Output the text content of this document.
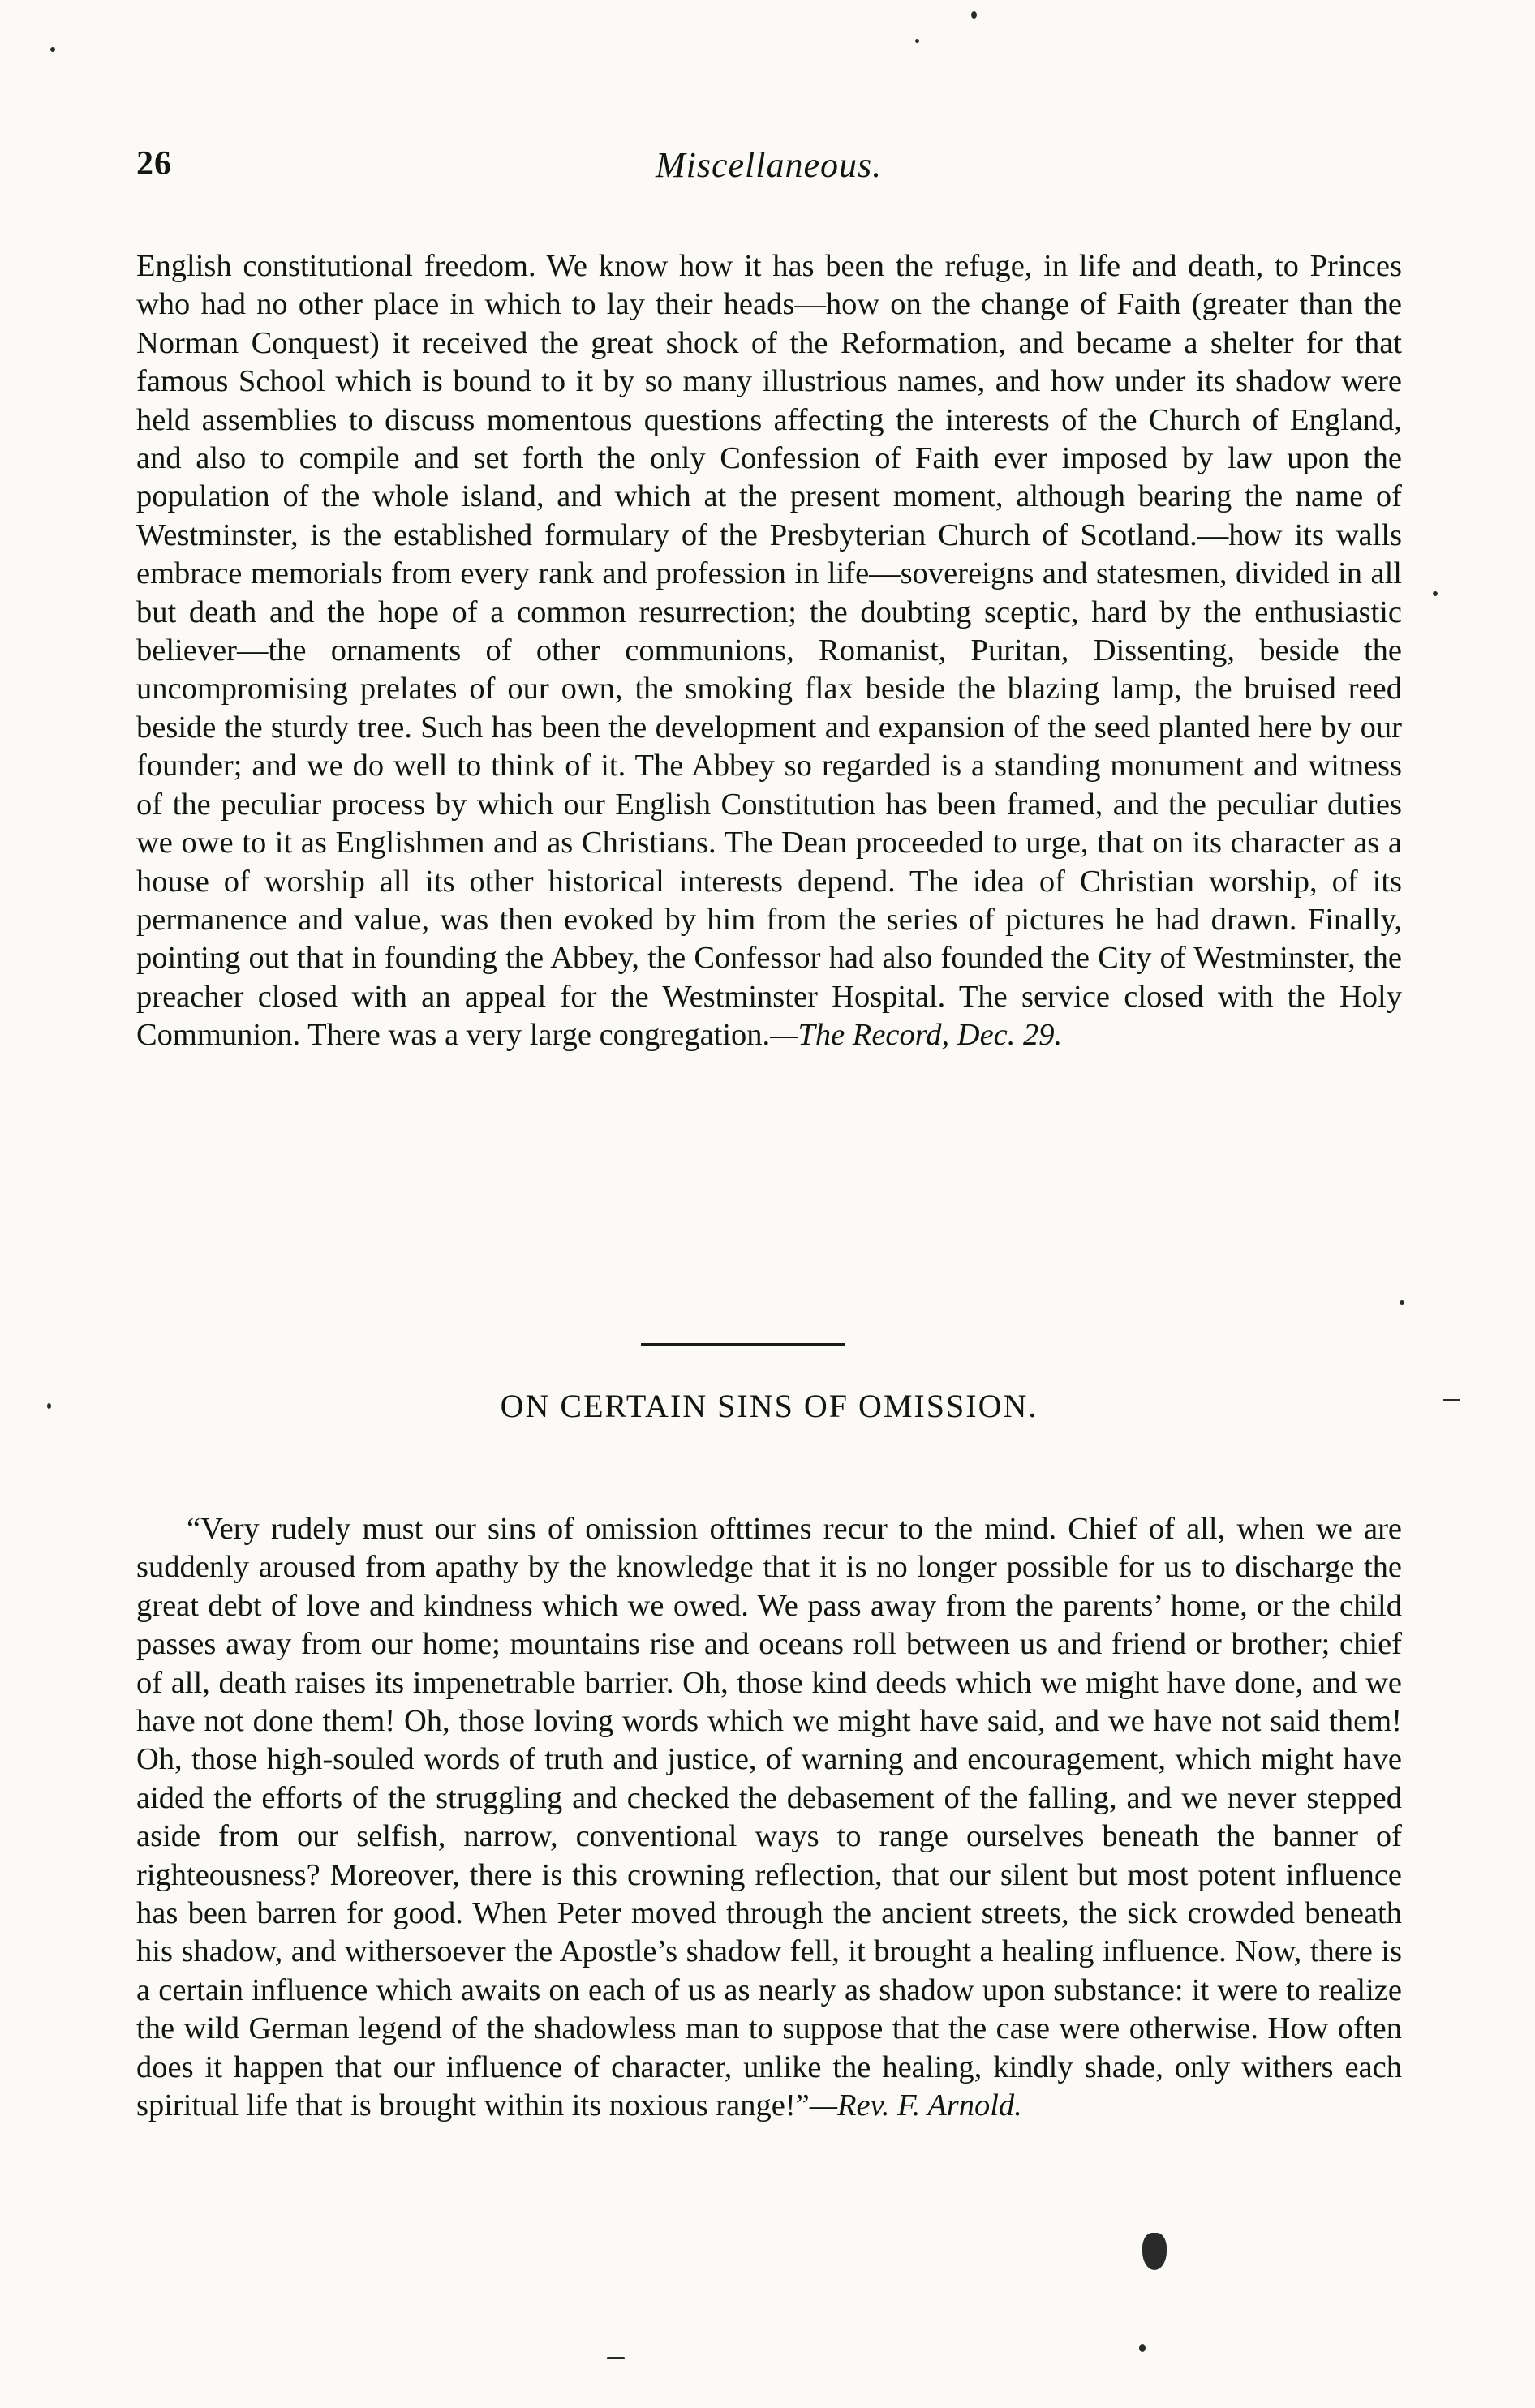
26	Miscellaneous.

English constitutional freedom. We know how it has been the refuge, in life and death, to Princes who had no other place in which to lay their heads—how on the change of Faith (greater than the Norman Conquest) it received the great shock of the Reformation, and became a shelter for that famous School which is bound to it by so many illustrious names, and how under its shadow were held assemblies to discuss momentous questions affecting the interests of the Church of England, and also to compile and set forth the only Confession of Faith ever imposed by law upon the population of the whole island, and which at the present moment, although bearing the name of Westminster, is the established formulary of the Presbyterian Church of Scotland.—how its walls embrace memorials from every rank and profession in life—sovereigns and statesmen, divided in all but death and the hope of a common resurrection; the doubting sceptic, hard by the enthusiastic believer—the ornaments of other communions, Romanist, Puritan, Dissenting, beside the uncompromising prelates of our own, the smoking flax beside the blazing lamp, the bruised reed beside the sturdy tree. Such has been the development and expansion of the seed planted here by our founder; and we do well to think of it. The Abbey so regarded is a standing monument and witness of the peculiar process by which our English Constitution has been framed, and the peculiar duties we owe to it as Englishmen and as Christians. The Dean proceeded to urge, that on its character as a house of worship all its other historical interests depend. The idea of Christian worship, of its permanence and value, was then evoked by him from the series of pictures he had drawn. Finally, pointing out that in founding the Abbey, the Confessor had also founded the City of Westminster, the preacher closed with an appeal for the Westminster Hospital. The service closed with the Holy Communion. There was a very large congregation.—The Record, Dec. 29.

ON CERTAIN SINS OF OMISSION.

“Very rudely must our sins of omission ofttimes recur to the mind. Chief of all, when we are suddenly aroused from apathy by the knowledge that it is no longer possible for us to discharge the great debt of love and kindness which we owed. We pass away from the parents’ home, or the child passes away from our home; mountains rise and oceans roll between us and friend or brother; chief of all, death raises its impenetrable barrier. Oh, those kind deeds which we might have done, and we have not done them! Oh, those loving words which we might have said, and we have not said them! Oh, those high-souled words of truth and justice, of warning and encouragement, which might have aided the efforts of the struggling and checked the debasement of the falling, and we never stepped aside from our selfish, narrow, conventional ways to range ourselves beneath the banner of righteousness? Moreover, there is this crowning reflection, that our silent but most potent influence has been barren for good. When Peter moved through the ancient streets, the sick crowded beneath his shadow, and withersoever the Apostle’s shadow fell, it brought a healing influence. Now, there is a certain influence which awaits on each of us as nearly as shadow upon substance: it were to realize the wild German legend of the shadowless man to suppose that the case were otherwise. How often does it happen that our influence of character, unlike the healing, kindly shade, only withers each spiritual life that is brought within its noxious range!”—Rev. F. Arnold.
